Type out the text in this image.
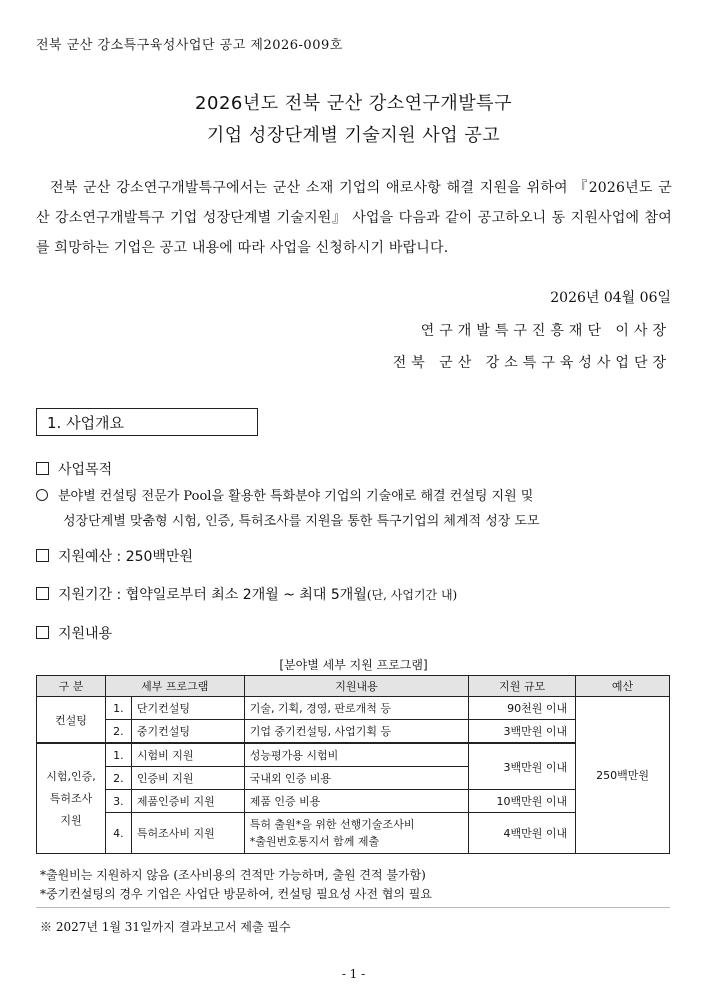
전북 군산 강소특구육성사업단 공고 제2026-009호
2026년도 전북 군산 강소연구개발특구
기업 성장단계별 기술지원 사업 공고

전북 군산 강소연구개발특구에서는 군산 소재 기업의 애로사항 해결 지원을 위하여 『2026년도 군산 강소연구개발특구 기업 성장단계별 기술지원』 사업을 다음과 같이 공고하오니 동 지원사업에 참여를 희망하는 기업은 공고 내용에 따라 사업을 신청하시기 바랍니다.

2026년 04월 06일
연구개발특구진흥재단 이사장
전북 군산 강소특구육성사업단장
1. 사업개요
사업목적
분야별 컨설팅 전문가 Pool을 활용한 특화분야 기업의 기술애로 해결 컨설팅 지원 및
성장단계별 맞춤형 시험, 인증, 특허조사를 지원을 통한 특구기업의 체계적 성장 도모
지원예산 : 250백만원
지원기간 : 협약일로부터 최소 2개월 ~ 최대 5개월(단, 사업기간 내)
지원내용
[분야별 세부 지원 프로그램]
구 분	세부 프로그램		지원내용	지원 규모	예산
컨설팅	1.	단기컨설팅	기술, 기획, 경영, 판로개척 등	90천원 이내	250백만원
	2.	중기컨설팅	기업 중기컨설팅, 사업기획 등	3백만원 이내	
시험,인증,
특허조사
지원	1.	시험비 지원	성능평가용 시험비	3백만원 이내	
	2.	인증비 지원	국내외 인증 비용		
	3.	제품인증비 지원	제품 인증 비용	10백만원 이내	
	4.	특허조사비 지원	특허 출원*을 위한 선행기술조사비
*출원번호통지서 함께 제출	4백만원 이내	
*출원비는 지원하지 않음 (조사비용의 견적만 가능하며, 출원 견적 불가함)
*중기컨설팅의 경우 기업은 사업단 방문하여, 컨설팅 필요성 사전 협의 필요
※ 2027년 1월 31일까지 결과보고서 제출 필수
- 1 -
